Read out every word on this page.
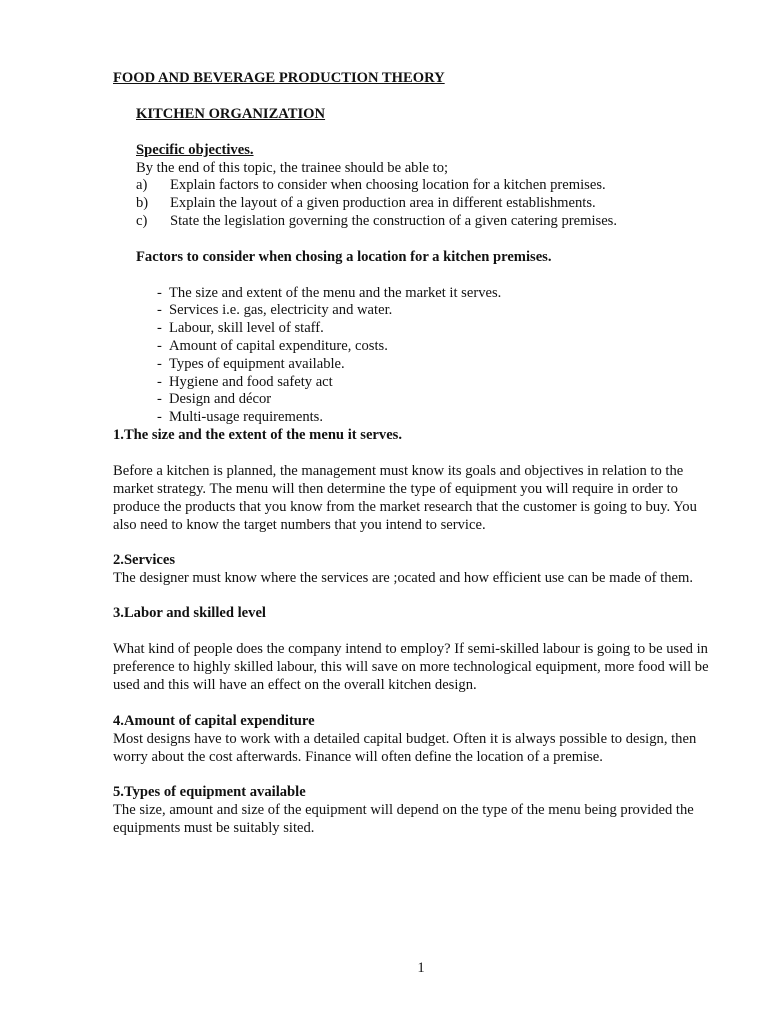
FOOD AND BEVERAGE PRODUCTION THEORY
KITCHEN ORGANIZATION
Specific objectives.
By the end of this topic, the trainee should be able to;
a) Explain factors to consider when choosing location for a kitchen premises.
b) Explain the layout of a given production area in different establishments.
c) State the legislation governing the construction of a given catering premises.
Factors to consider when chosing a location for a kitchen premises.
- The size and extent of the menu and the market it serves.
- Services i.e. gas, electricity and water.
- Labour, skill level of staff.
- Amount of capital expenditure, costs.
- Types of equipment available.
- Hygiene and food safety act
- Design and décor
- Multi-usage requirements.
1.The size and the extent of the menu it serves.
Before a kitchen is planned, the management must know its goals and objectives in relation to the
market strategy. The menu will then determine the type of equipment you will require in order to
produce the products that you know from the market research that the customer is going to buy. You
also need to know the target numbers that you intend to service.
2.Services
The designer must know where the services are ;ocated and how efficient use can be made of them.
3.Labor and skilled level
What kind of people does the company intend to employ? If semi-skilled labour is going to be used in
preference to highly skilled labour, this will save on more technological equipment, more food will be
used and this will have an effect on the overall kitchen design.
4.Amount of capital expenditure
Most designs have to work with a detailed capital budget. Often it is always possible to design, then
worry about the cost afterwards. Finance will often define the location of a premise.
5.Types of equipment available
The size, amount and size of the equipment will depend on the type of the menu being provided the
equipments must be suitably sited.
1
